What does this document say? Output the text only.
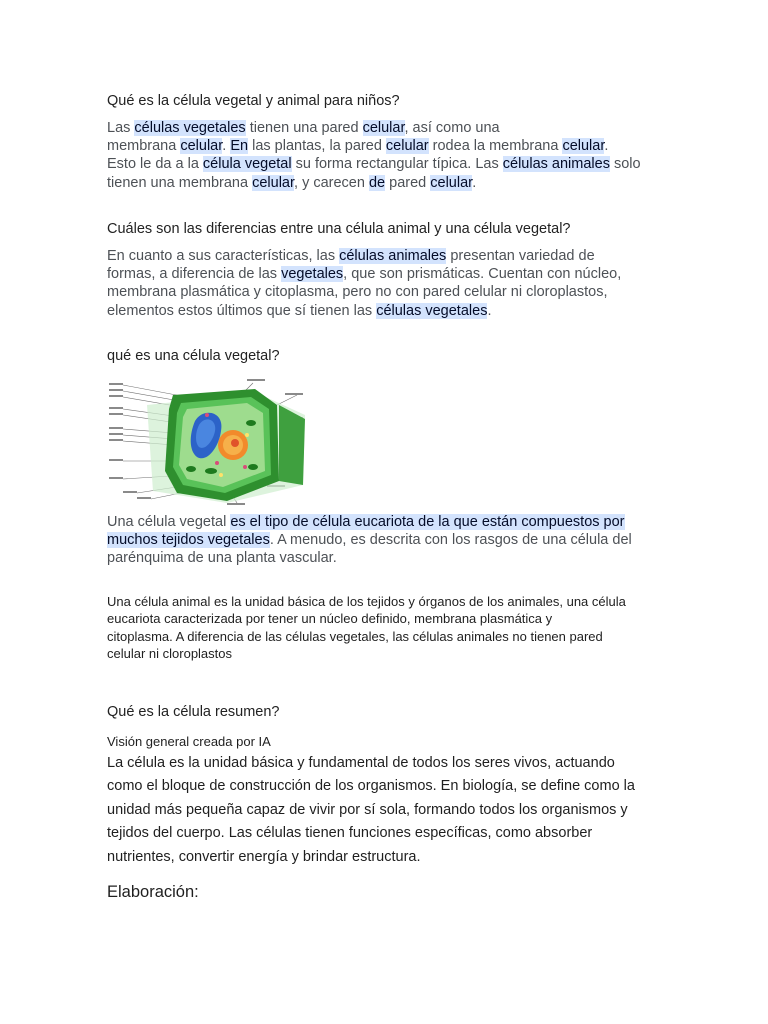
Qué es la célula vegetal y animal para niños?
Las células vegetales tienen una pared celular, así como una
membrana celular. En las plantas, la pared celular rodea la membrana celular.
Esto le da a la célula vegetal su forma rectangular típica. Las células animales solo
tienen una membrana celular, y carecen de pared celular.
Cuáles son las diferencias entre una célula animal y una célula vegetal?
En cuanto a sus características, las células animales presentan variedad de
formas, a diferencia de las vegetales, que son prismáticas. Cuentan con núcleo,
membrana plasmática y citoplasma, pero no con pared celular ni cloroplastos,
elementos estos últimos que sí tienen las células vegetales.
qué es una célula vegetal?
Una célula vegetal es el tipo de célula eucariota de la que están compuestos por
muchos tejidos vegetales. A menudo, es descrita con los rasgos de una célula del
parénquima de una planta vascular.
Una célula animal es la unidad básica de los tejidos y órganos de los animales, una célula
eucariota caracterizada por tener un núcleo definido, membrana plasmática y
citoplasma. A diferencia de las células vegetales, las células animales no tienen pared
celular ni cloroplastos
Qué es la célula resumen?
Visión general creada por IA
La célula es la unidad básica y fundamental de todos los seres vivos, actuando
como el bloque de construcción de los organismos. En biología, se define como la
unidad más pequeña capaz de vivir por sí sola, formando todos los organismos y
tejidos del cuerpo. Las células tienen funciones específicas, como absorber
nutrientes, convertir energía y brindar estructura.
Elaboración:
